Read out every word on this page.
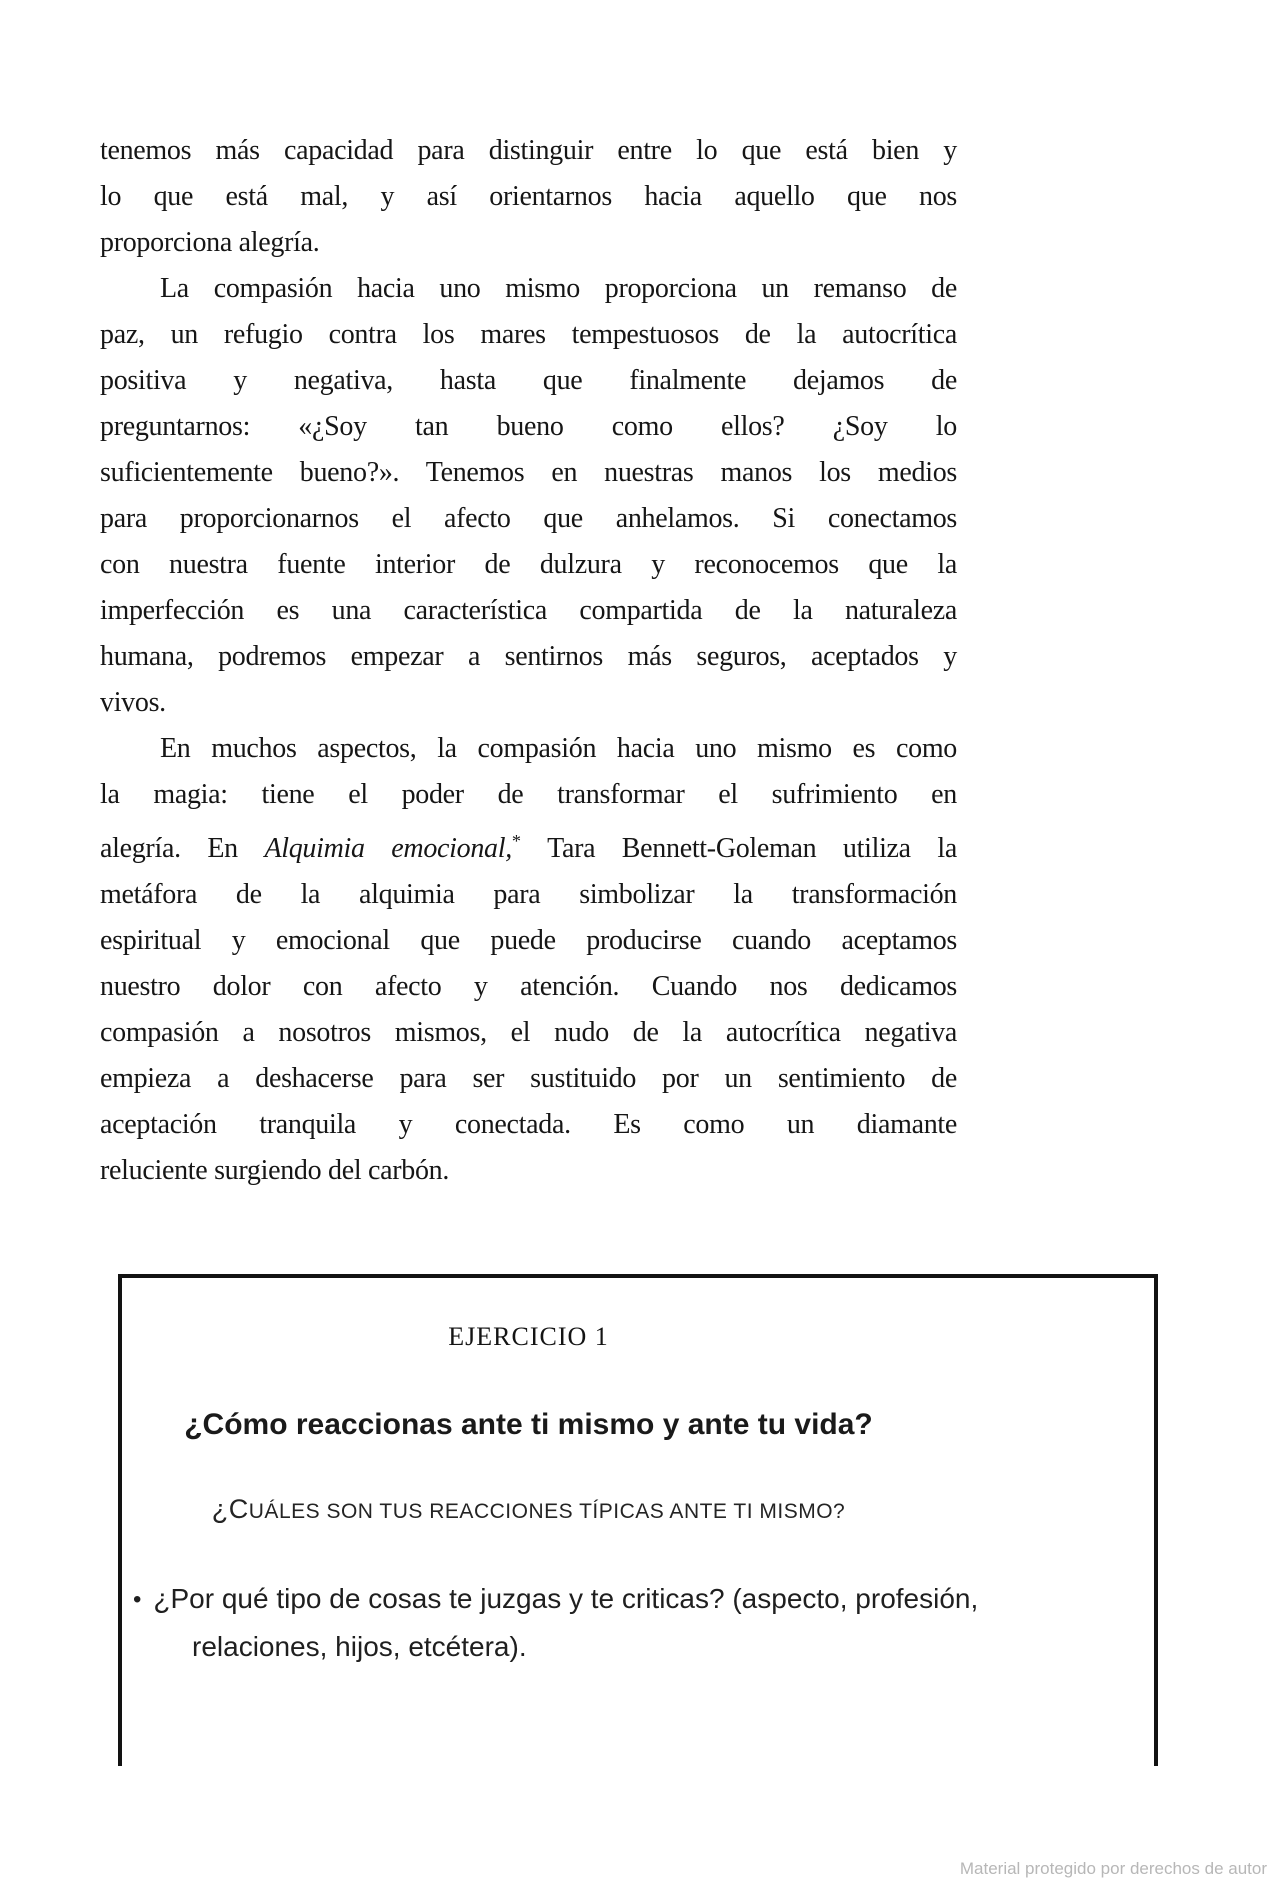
tenemos más capacidad para distinguir entre lo que está bien y
lo que está mal, y así orientarnos hacia aquello que nos
proporciona alegría.
La compasión hacia uno mismo proporciona un remanso de
paz, un refugio contra los mares tempestuosos de la autocrítica
positiva y negativa, hasta que finalmente dejamos de
preguntarnos: «¿Soy tan bueno como ellos? ¿Soy lo
suficientemente bueno?». Tenemos en nuestras manos los medios
para proporcionarnos el afecto que anhelamos. Si conectamos
con nuestra fuente interior de dulzura y reconocemos que la
imperfección es una característica compartida de la naturaleza
humana, podremos empezar a sentirnos más seguros, aceptados y
vivos.
En muchos aspectos, la compasión hacia uno mismo es como
la magia: tiene el poder de transformar el sufrimiento en
alegría. En Alquimia emocional,* Tara Bennett-Goleman utiliza la
metáfora de la alquimia para simbolizar la transformación
espiritual y emocional que puede producirse cuando aceptamos
nuestro dolor con afecto y atención. Cuando nos dedicamos
compasión a nosotros mismos, el nudo de la autocrítica negativa
empieza a deshacerse para ser sustituido por un sentimiento de
aceptación tranquila y conectada. Es como un diamante
reluciente surgiendo del carbón.
EJERCICIO 1
¿Cómo reaccionas ante ti mismo y ante tu vida?
¿CUÁLES SON TUS REACCIONES TÍPICAS ANTE TI MISMO?
• ¿Por qué tipo de cosas te juzgas y te criticas? (aspecto, profesión,
relaciones, hijos, etcétera).
Material protegido por derechos de autor
